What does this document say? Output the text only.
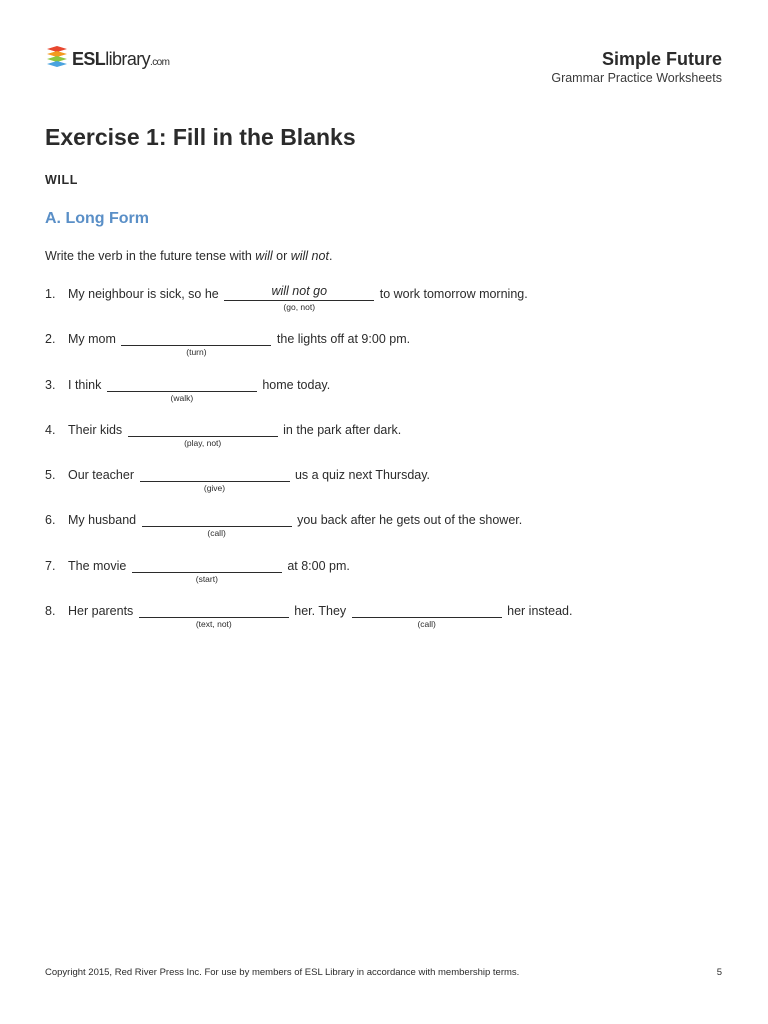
ESLlibrary.com	Simple Future
Grammar Practice Worksheets
Exercise 1: Fill in the Blanks
WILL
A. Long Form
Write the verb in the future tense with will or will not.
1. My neighbour is sick, so he	will not go
(go, not)
to work tomorrow morning.
2. My mom
(turn)
the lights off at 9:00 pm.
3. I think
(walk)
home today.
4. Their kids
(play, not)
in the park after dark.
5. Our teacher
(give)
us a quiz next Thursday.
6. My husband
(call)
you back after he gets out of the shower.
7. The movie
(start)
at 8:00 pm.
8. Her parents
(text, not)
her. They
(call)
her instead.
Copyright 2015, Red River Press Inc. For use by members of ESL Library in accordance with membership terms.	5
